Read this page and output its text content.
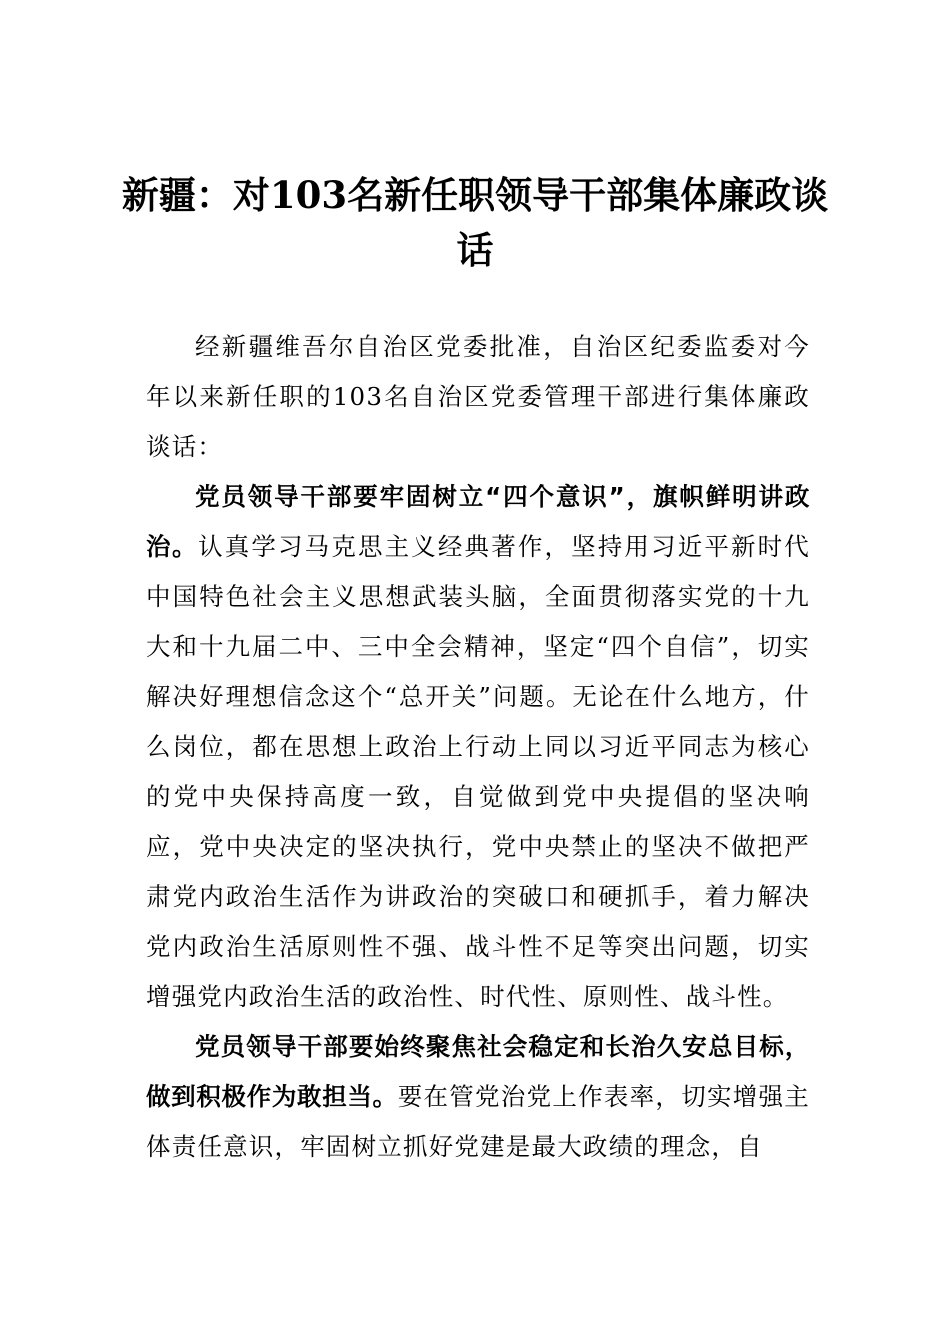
新疆：对103名新任职领导干部集体廉政谈话

经新疆维吾尔自治区党委批准，自治区纪委监委对今年以来新任职的103名自治区党委管理干部进行集体廉政谈话：

党员领导干部要牢固树立“四个意识”，旗帜鲜明讲政治。认真学习马克思主义经典著作，坚持用习近平新时代中国特色社会主义思想武装头脑，全面贯彻落实党的十九大和十九届二中、三中全会精神，坚定“四个自信”，切实解决好理想信念这个“总开关”问题。无论在什么地方，什么岗位，都在思想上政治上行动上同以习近平同志为核心的党中央保持高度一致，自觉做到党中央提倡的坚决响应，党中央决定的坚决执行，党中央禁止的坚决不做把严肃党内政治生活作为讲政治的突破口和硬抓手，着力解决党内政治生活原则性不强、战斗性不足等突出问题，切实增强党内政治生活的政治性、时代性、原则性、战斗性。

党员领导干部要始终聚焦社会稳定和长治久安总目标，做到积极作为敢担当。要在管党治党上作表率，切实增强主体责任意识，牢固树立抓好党建是最大政绩的理念，自
